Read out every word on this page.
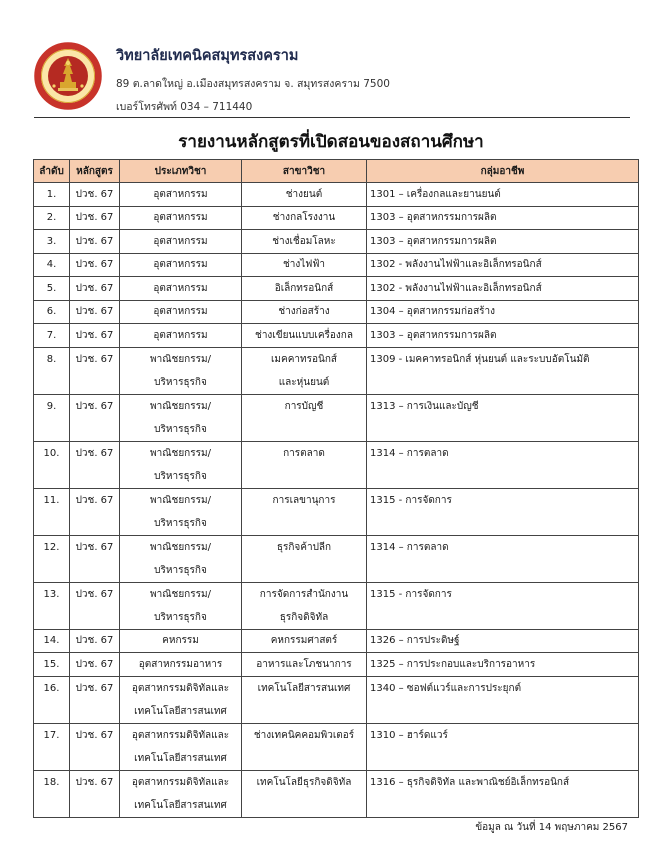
วิทยาลัยเทคนิคสมุทรสงคราม
89 ต.ลาดใหญ่ อ.เมืองสมุทรสงคราม จ. สมุทรสงคราม 7500
เบอร์โทรศัพท์ 034 – 711440
รายงานหลักสูตรที่เปิดสอนของสถานศึกษา
ลำดับ	หลักสูตร	ประเภทวิชา	สาขาวิชา	กลุ่มอาชีพ
1.	ปวช. 67	อุตสาหกรรม	ช่างยนต์	1301 – เครื่องกลและยานยนต์
2.	ปวช. 67	อุตสาหกรรม	ช่างกลโรงงาน	1303 – อุตสาหกรรมการผลิต
3.	ปวช. 67	อุตสาหกรรม	ช่างเชื่อมโลหะ	1303 – อุตสาหกรรมการผลิต
4.	ปวช. 67	อุตสาหกรรม	ช่างไฟฟ้า	1302 - พลังงานไฟฟ้าและอิเล็กทรอนิกส์
5.	ปวช. 67	อุตสาหกรรม	อิเล็กทรอนิกส์	1302 - พลังงานไฟฟ้าและอิเล็กทรอนิกส์
6.	ปวช. 67	อุตสาหกรรม	ช่างก่อสร้าง	1304 – อุตสาหกรรมก่อสร้าง
7.	ปวช. 67	อุตสาหกรรม	ช่างเขียนแบบเครื่องกล	1303 – อุตสาหกรรมการผลิต
8.	ปวช. 67	พาณิชยกรรม/
บริหารธุรกิจ	เมคคาทรอนิกส์
และหุ่นยนต์	1309 - เมคคาทรอนิกส์ หุ่นยนต์ และระบบอัตโนมัติ
9.	ปวช. 67	พาณิชยกรรม/
บริหารธุรกิจ	การบัญชี	1313 – การเงินและบัญชี
10.	ปวช. 67	พาณิชยกรรม/
บริหารธุรกิจ	การตลาด	1314 – การตลาด
11.	ปวช. 67	พาณิชยกรรม/
บริหารธุรกิจ	การเลขานุการ	1315 - การจัดการ
12.	ปวช. 67	พาณิชยกรรม/
บริหารธุรกิจ	ธุรกิจค้าปลีก	1314 – การตลาด
13.	ปวช. 67	พาณิชยกรรม/
บริหารธุรกิจ	การจัดการสำนักงาน
ธุรกิจดิจิทัล	1315 - การจัดการ
14.	ปวช. 67	คหกรรม	คหกรรมศาสตร์	1326 – การประดิษฐ์
15.	ปวช. 67	อุตสาหกรรมอาหาร	อาหารและโภชนาการ	1325 – การประกอบและบริการอาหาร
16.	ปวช. 67	อุตสาหกรรมดิจิทัลและ
เทคโนโลยีสารสนเทศ	เทคโนโลยีสารสนเทศ	1340 – ซอฟต์แวร์และการประยุกต์
17.	ปวช. 67	อุตสาหกรรมดิจิทัลและ
เทคโนโลยีสารสนเทศ	ช่างเทคนิคคอมพิวเตอร์	1310 – ฮาร์ดแวร์
18.	ปวช. 67	อุตสาหกรรมดิจิทัลและ
เทคโนโลยีสารสนเทศ	เทคโนโลยีธุรกิจดิจิทัล	1316 – ธุรกิจดิจิทัล และพาณิชย์อิเล็กทรอนิกส์
ข้อมูล ณ วันที่ 14 พฤษภาคม 2567
